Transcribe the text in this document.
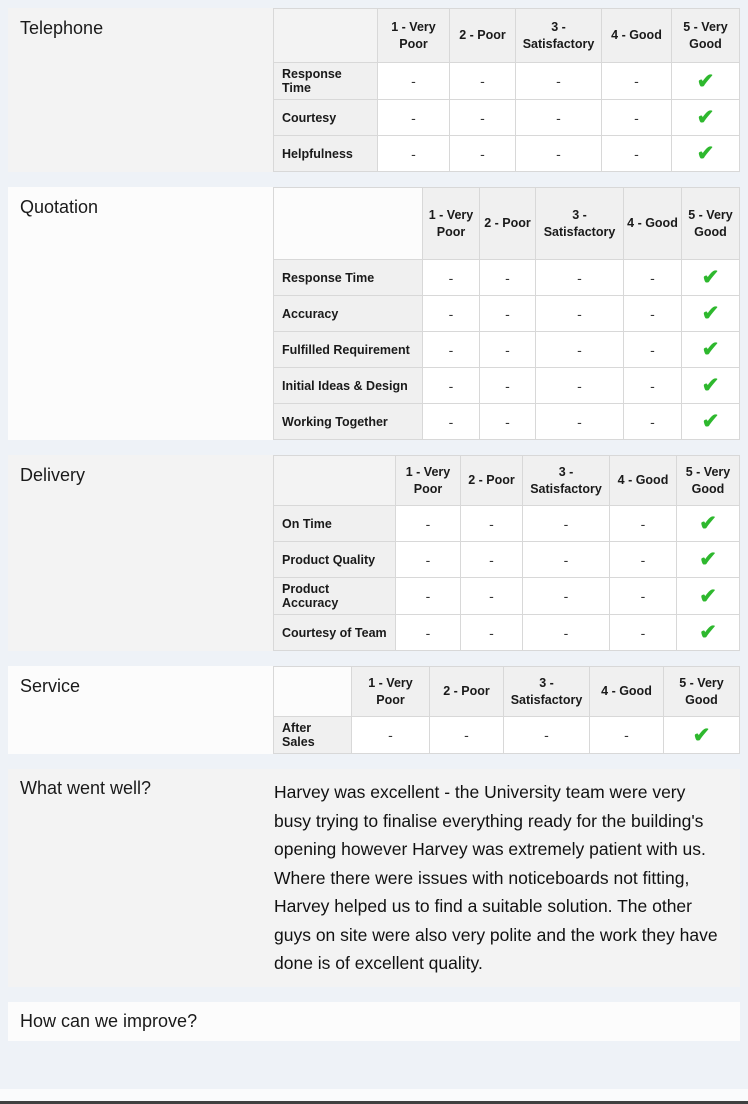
Telephone
		1 - Very Poor	2 - Poor	3 - Satisfactory	4 - Good	5 - Very Good
Response Time	-	-	-	-	✔
Courtesy	-	-	-	-	✔
Helpfulness	-	-	-	-	✔
Quotation
		1 - Very Poor	2 - Poor	3 - Satisfactory	4 - Good	5 - Very Good
Response Time	-	-	-	-	✔
Accuracy	-	-	-	-	✔
Fulfilled Requirement	-	-	-	-	✔
Initial Ideas & Design	-	-	-	-	✔
Working Together	-	-	-	-	✔
Delivery
		1 - Very Poor	2 - Poor	3 - Satisfactory	4 - Good	5 - Very Good
On Time	-	-	-	-	✔
Product Quality	-	-	-	-	✔
Product Accuracy	-	-	-	-	✔
Courtesy of Team	-	-	-	-	✔
Service
		1 - Very Poor	2 - Poor	3 - Satisfactory	4 - Good	5 - Very Good
After Sales	-	-	-	-	✔
What went well?	Harvey was excellent - the University team were very busy trying to finalise everything ready for the building's opening however Harvey was extremely patient with us. Where there were issues with noticeboards not fitting, Harvey helped us to find a suitable solution. The other guys on site were also very polite and the work they have done is of excellent quality.
How can we improve?
